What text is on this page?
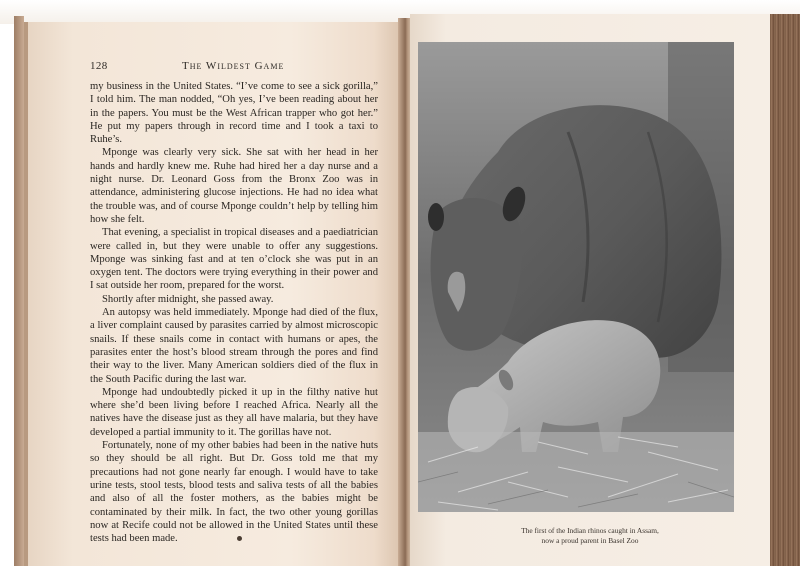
128	The Wildest Game

my business in the United States. “I’ve come to see a sick gorilla,” I told him. The man nodded, “Oh yes, I’ve been reading about her in the papers. You must be the West African trapper who got her.” He put my papers through in record time and I took a taxi to Ruhe’s.

Mponge was clearly very sick. She sat with her head in her hands and hardly knew me. Ruhe had hired her a day nurse and a night nurse. Dr. Leonard Goss from the Bronx Zoo was in attendance, administering glucose injections. He had no idea what the trouble was, and of course Mponge couldn’t help by telling him how she felt.

That evening, a specialist in tropical diseases and a paediatrician were called in, but they were unable to offer any suggestions. Mponge was sinking fast and at ten o’clock she was put in an oxygen tent. The doctors were trying everything in their power and I sat outside her room, prepared for the worst.

Shortly after midnight, she passed away.

An autopsy was held immediately. Mponge had died of the flux, a liver complaint caused by parasites carried by almost microscopic snails. If these snails come in contact with humans or apes, the parasites enter the host’s blood stream through the pores and find their way to the liver. Many American soldiers died of the flux in the South Pacific during the last war.

Mponge had undoubtedly picked it up in the filthy native hut where she’d been living before I reached Africa. Nearly all the natives have the disease just as they all have malaria, but they have developed a partial immunity to it. The gorillas have not.

Fortunately, none of my other babies had been in the native huts so they should be all right. But Dr. Goss told me that my precautions had not gone nearly far enough. I would have to take urine tests, stool tests, blood tests and saliva tests of all the babies and also of all the foster mothers, as the babies might be contaminated by their milk. In fact, the two other young gorillas now at Recife could not be allowed in the United States until these tests had been made.

The first of the Indian rhinos caught in Assam,
now a proud parent in Basel Zoo
